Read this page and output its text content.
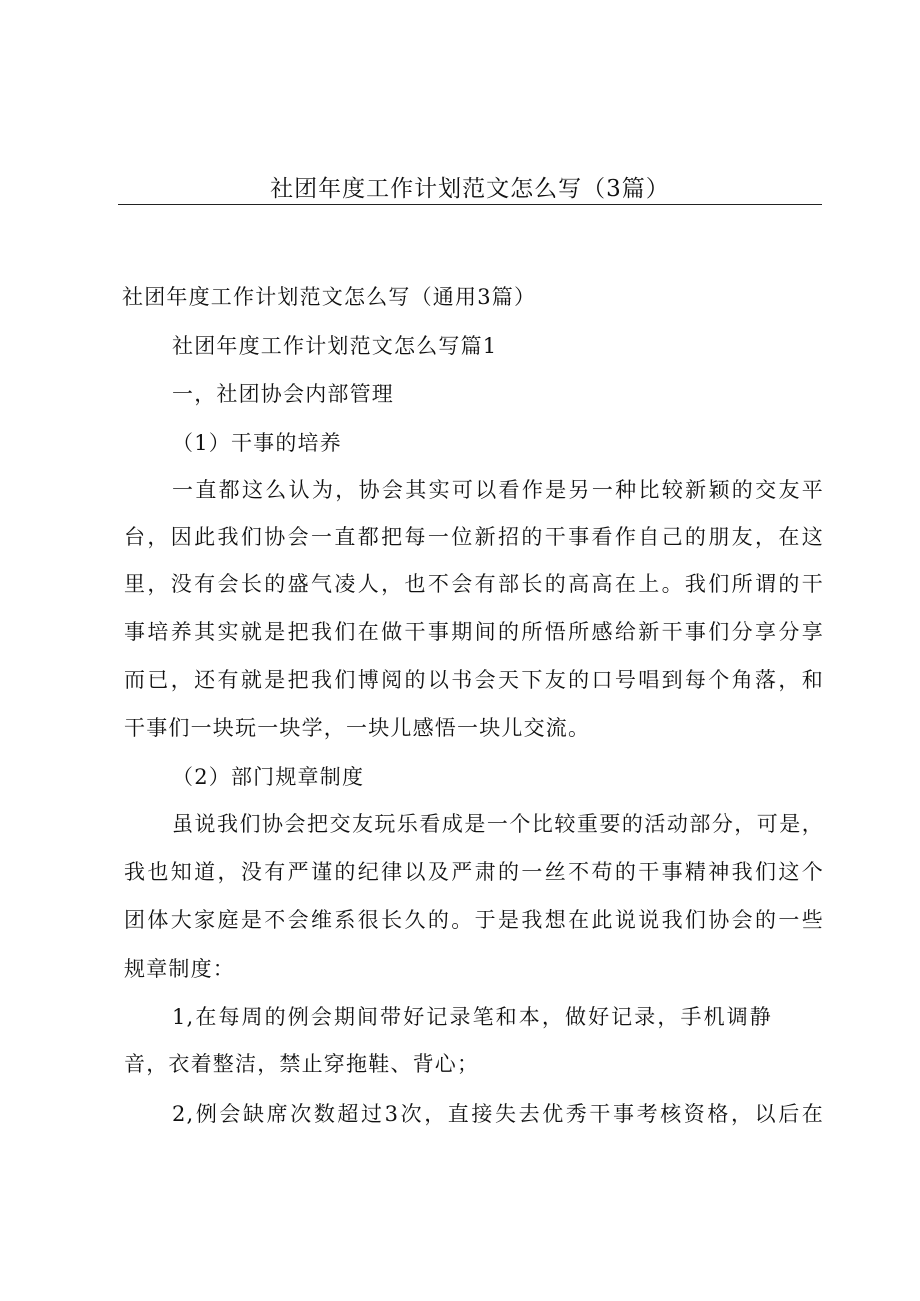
社团年度工作计划范文怎么写（3篇）
社团年度工作计划范文怎么写（通用3篇）
社团年度工作计划范文怎么写篇1
一，社团协会内部管理
（1）干事的培养
一直都这么认为，协会其实可以看作是另一种比较新颖的交友平
台，因此我们协会一直都把每一位新招的干事看作自己的朋友，在这
里，没有会长的盛气凌人，也不会有部长的高高在上。我们所谓的干
事培养其实就是把我们在做干事期间的所悟所感给新干事们分享分享
而已，还有就是把我们博阅的以书会天下友的口号唱到每个角落，和
干事们一块玩一块学，一块儿感悟一块儿交流。
（2）部门规章制度
虽说我们协会把交友玩乐看成是一个比较重要的活动部分，可是，
我也知道，没有严谨的纪律以及严肃的一丝不苟的干事精神我们这个
团体大家庭是不会维系很长久的。于是我想在此说说我们协会的一些
规章制度：
1,在每周的例会期间带好记录笔和本，做好记录，手机调静
音，衣着整洁，禁止穿拖鞋、背心；
2,例会缺席次数超过3次，直接失去优秀干事考核资格，以后在
